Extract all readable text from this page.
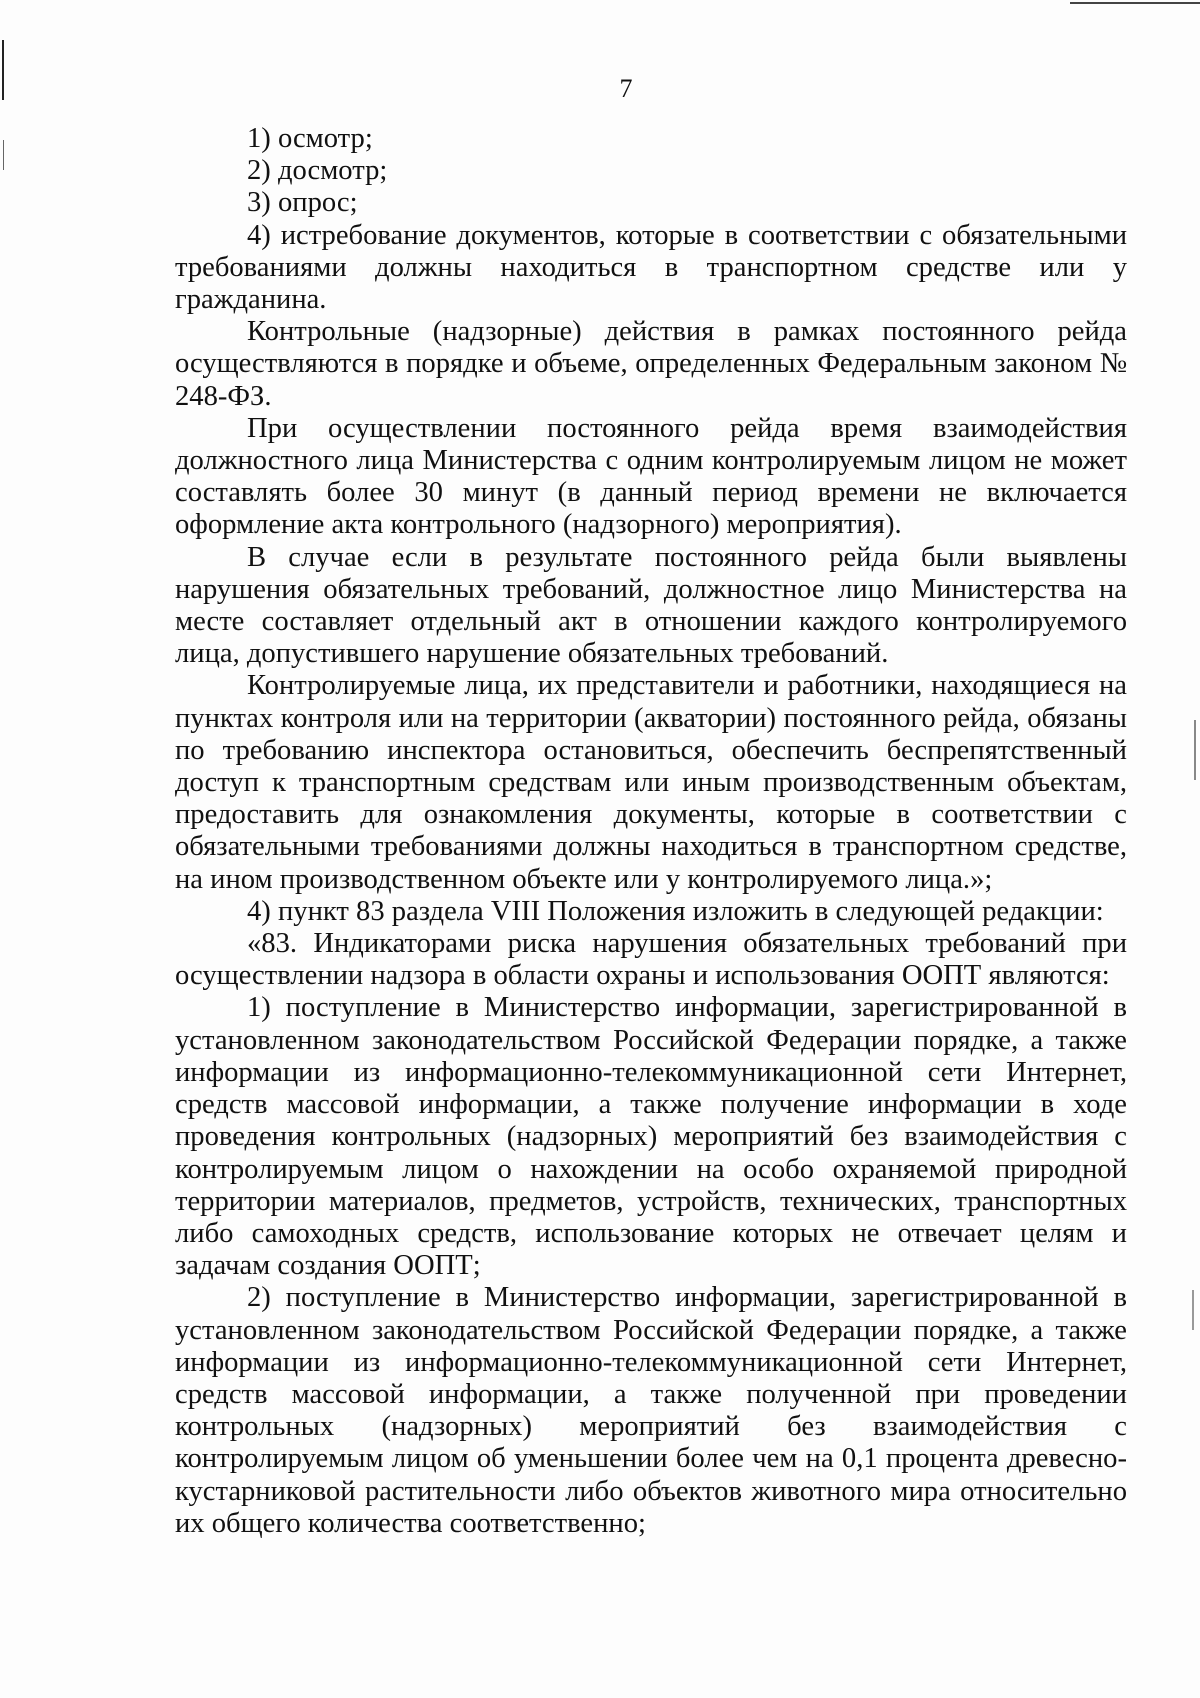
7

1) осмотр;

2) досмотр;

3) опрос;

4) истребование документов, которые в соответствии с обязательными требованиями должны находиться в транспортном средстве или у гражданина.

Контрольные (надзорные) действия в рамках постоянного рейда осуществляются в порядке и объеме, определенных Федеральным законом № 248-ФЗ.

При осуществлении постоянного рейда время взаимодействия должностного лица Министерства с одним контролируемым лицом не может составлять более 30 минут (в данный период времени не включается оформление акта контрольного (надзорного) мероприятия).

В случае если в результате постоянного рейда были выявлены нарушения обязательных требований, должностное лицо Министерства на месте составляет отдельный акт в отношении каждого контролируемого лица, допустившего нарушение обязательных требований.

Контролируемые лица, их представители и работники, находящиеся на пунктах контроля или на территории (акватории) постоянного рейда, обязаны по требованию инспектора остановиться, обеспечить беспрепятственный доступ к транспортным средствам или иным производственным объектам, предоставить для ознакомления документы, которые в соответствии с обязательными требованиями должны находиться в транспортном средстве, на ином производственном объекте или у контролируемого лица.»;

4) пункт 83 раздела VIII Положения изложить в следующей редакции:

«83. Индикаторами риска нарушения обязательных требований при осуществлении надзора в области охраны и использования ООПТ являются:

1) поступление в Министерство информации, зарегистрированной в установленном законодательством Российской Федерации порядке, а также информации из информационно-телекоммуникационной сети Интернет, средств массовой информации, а также получение информации в ходе проведения контрольных (надзорных) мероприятий без взаимодействия с контролируемым лицом о нахождении на особо охраняемой природной территории материалов, предметов, устройств, технических, транспортных либо самоходных средств, использование которых не отвечает целям и задачам создания ООПТ;

2) поступление в Министерство информации, зарегистрированной в установленном законодательством Российской Федерации порядке, а также информации из информационно-телекоммуникационной сети Интернет, средств массовой информации, а также полученной при проведении контрольных (надзорных) мероприятий без взаимодействия с контролируемым лицом об уменьшении более чем на 0,1 процента древесно-кустарниковой растительности либо объектов животного мира относительно их общего количества соответственно;
